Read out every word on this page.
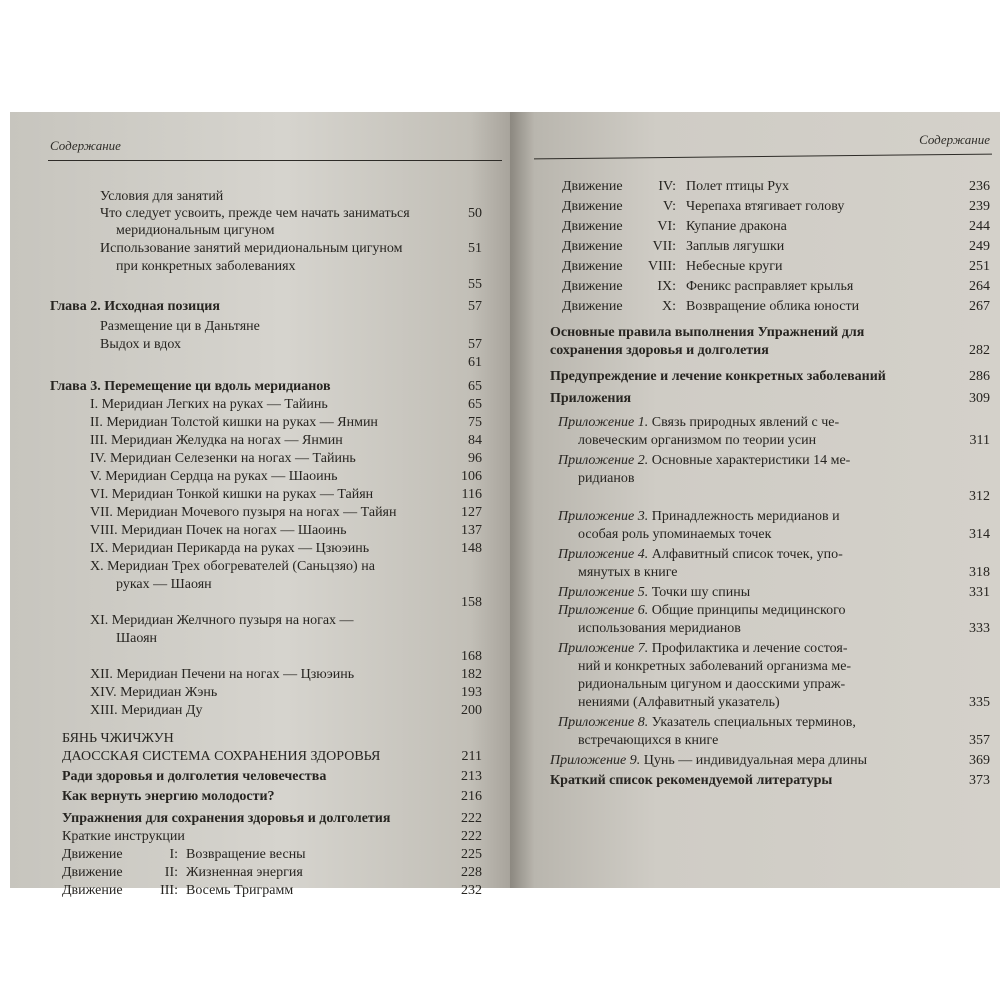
Содержание
Условия для занятий
Что следует усвоить, прежде чем начать заниматься	50
меридиональным цигуном
Использование занятий меридиональным цигуном	51
при конкретных заболеваниях
55
Глава 2. Исходная позиция	57
Размещение ци в Даньтяне
Выдох и вдох	57
61
Глава 3. Перемещение ци вдоль меридианов	65
I. Меридиан Легких на руках — Тайинь	65
II. Меридиан Толстой кишки на руках — Янмин	75
III. Меридиан Желудка на ногах — Янмин	84
IV. Меридиан Селезенки на ногах — Тайинь	96
V. Меридиан Сердца на руках — Шаоинь	106
VI. Меридиан Тонкой кишки на руках — Тайян	116
VII. Меридиан Мочевого пузыря на ногах — Тайян	127
VIII. Меридиан Почек на ногах — Шаоинь	137
IX. Меридиан Перикарда на руках — Цзюэинь	148
X. Меридиан Трех обогревателей (Саньцзяо) на
руках — Шаоян
158
XI. Меридиан Желчного пузыря на ногах —
Шаоян
168
XII. Меридиан Печени на ногах — Цзюэинь	182
XIV. Меридиан Жэнь	193
XIII. Меридиан Ду	200
БЯНЬ ЧЖИЧЖУН
ДАОССКАЯ СИСТЕМА СОХРАНЕНИЯ ЗДОРОВЬЯ	211
Ради здоровья и долголетия человечества	213
Как вернуть энергию молодости?	216
Упражнения для сохранения здоровья и долголетия	222
Краткие инструкции	222
Движение	I: Возвращение весны	225
Движение	II: Жизненная энергия	228
Движение	III: Восемь Триграмм	232
Содержание
Движение	IV: Полет птицы Рух	236
Движение	V: Черепаха втягивает голову	239
Движение	VI: Купание дракона	244
Движение	VII: Заплыв лягушки	249
Движение	VIII: Небесные круги	251
Движение	IX: Феникс расправляет крылья	264
Движение	X: Возвращение облика юности	267
Основные правила выполнения Упражнений для
сохранения здоровья и долголетия	282
Предупреждение и лечение конкретных заболеваний	286
Приложения	309
Приложение 1. Связь природных явлений с че-
ловеческим организмом по теории усин	311
Приложение 2. Основные характеристики 14 ме-
ридианов
312
Приложение 3. Принадлежность меридианов и
особая роль упоминаемых точек	314
Приложение 4. Алфавитный список точек, упо-
мянутых в книге	318
Приложение 5. Точки шу спины	331
Приложение 6. Общие принципы медицинского
использования меридианов	333
Приложение 7. Профилактика и лечение состоя-
ний и конкретных заболеваний организма ме-
ридиональным цигуном и даосскими упраж-
нениями (Алфавитный указатель)	335
Приложение 8. Указатель специальных терминов,
встречающихся в книге	357
Приложение 9. Цунь — индивидуальная мера длины	369
Краткий список рекомендуемой литературы	373
